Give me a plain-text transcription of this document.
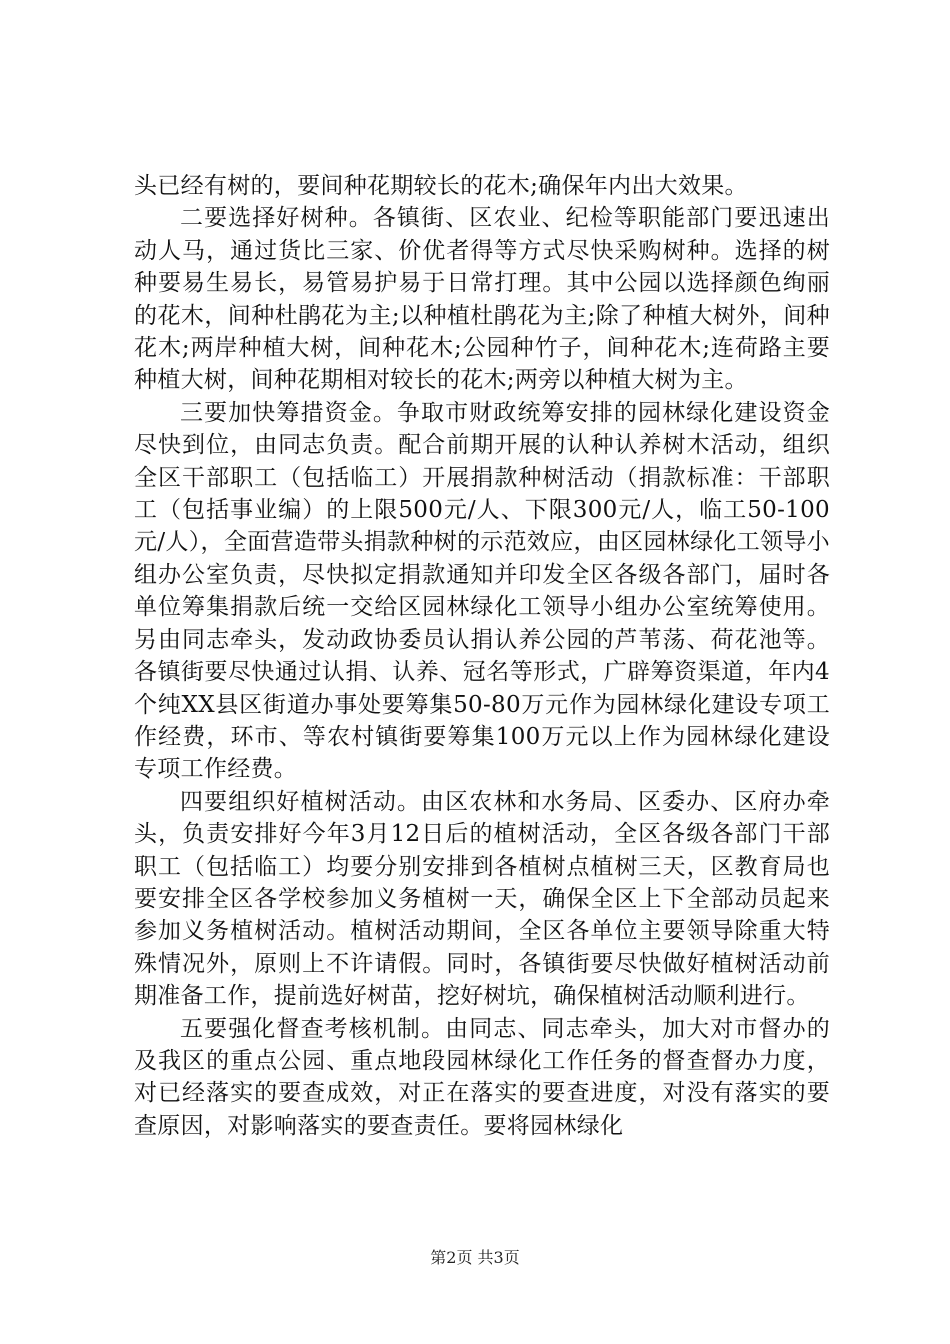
头已经有树的，要间种花期较长的花木;确保年内出大效果。

二要选择好树种。各镇街、区农业、纪检等职能部门要迅速出动人马，通过货比三家、价优者得等方式尽快采购树种。选择的树种要易生易长，易管易护易于日常打理。其中公园以选择颜色绚丽的花木，间种杜鹃花为主;以种植杜鹃花为主;除了种植大树外，间种花木;两岸种植大树，间种花木;公园种竹子，间种花木;连荷路主要种植大树，间种花期相对较长的花木;两旁以种植大树为主。

三要加快筹措资金。争取市财政统筹安排的园林绿化建设资金尽快到位，由同志负责。配合前期开展的认种认养树木活动，组织全区干部职工（包括临工）开展捐款种树活动（捐款标准：干部职工（包括事业编）的上限500元/人、下限300元/人，临工50-100元/人），全面营造带头捐款种树的示范效应，由区园林绿化工领导小组办公室负责，尽快拟定捐款通知并印发全区各级各部门，届时各单位筹集捐款后统一交给区园林绿化工领导小组办公室统筹使用。另由同志牵头，发动政协委员认捐认养公园的芦苇荡、荷花池等。各镇街要尽快通过认捐、认养、冠名等形式，广辟筹资渠道，年内4个纯XX县区街道办事处要筹集50-80万元作为园林绿化建设专项工作经费，环市、等农村镇街要筹集100万元以上作为园林绿化建设专项工作经费。

四要组织好植树活动。由区农林和水务局、区委办、区府办牵头，负责安排好今年3月12日后的植树活动，全区各级各部门干部职工（包括临工）均要分别安排到各植树点植树三天，区教育局也要安排全区各学校参加义务植树一天，确保全区上下全部动员起来参加义务植树活动。植树活动期间，全区各单位主要领导除重大特殊情况外，原则上不许请假。同时，各镇街要尽快做好植树活动前期准备工作，提前选好树苗，挖好树坑，确保植树活动顺利进行。

五要强化督查考核机制。由同志、同志牵头，加大对市督办的及我区的重点公园、重点地段园林绿化工作任务的督查督办力度，对已经落实的要查成效，对正在落实的要查进度，对没有落实的要查原因，对影响落实的要查责任。要将园林绿化

第2页 共3页
